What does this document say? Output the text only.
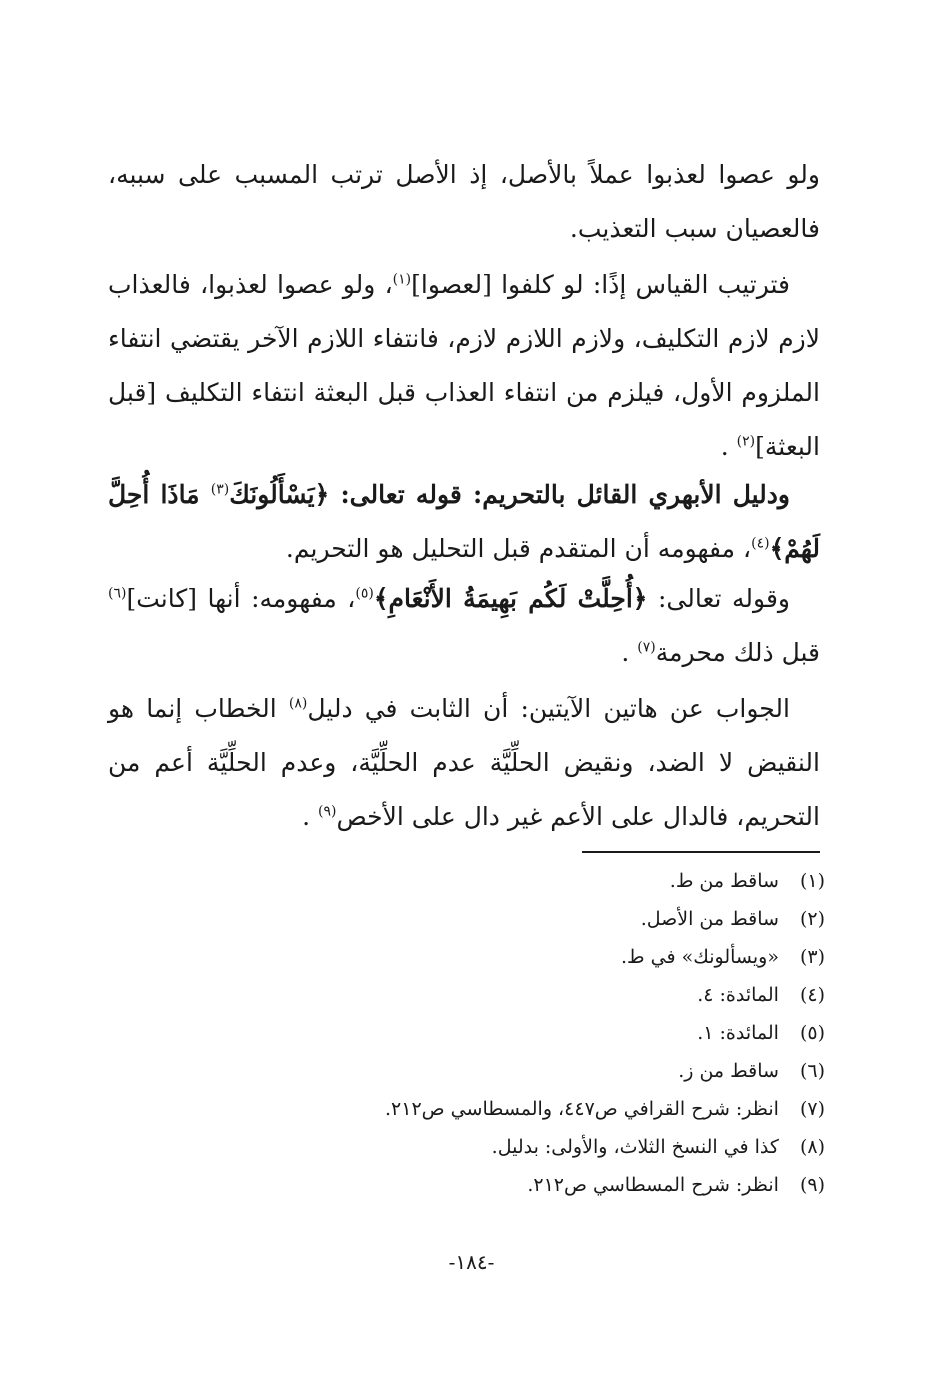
ولو عصوا لعذبوا عملاً بالأصل، إذ الأصل ترتب المسبب على سببه، فالعصيان سبب التعذيب.

فترتيب القياس إذًا: لو كلفوا [لعصوا]$^{(١)}$، ولو عصوا لعذبوا، فالعذاب لازم لازم التكليف، ولازم اللازم لازم، فانتفاء اللازم الآخر يقتضي انتفاء الملزوم الأول، فيلزم من انتفاء العذاب قبل البعثة انتفاء التكليف [قبل البعثة]$^{(٢)}$ .

ودليل الأبهري القائل بالتحريم: قوله تعالى: ﴿يَسْأَلُونَكَ$^{(٣)}$ مَاذَا أُحِلَّ لَهُمْ﴾$^{(٤)}$، مفهومه أن المتقدم قبل التحليل هو التحريم.

وقوله تعالى: ﴿أُحِلَّتْ لَكُم بَهِيمَةُ الأَنْعَامِ﴾$^{(٥)}$، مفهومه: أنها [كانت]$^{(٦)}$ قبل ذلك محرمة$^{(٧)}$ .

الجواب عن هاتين الآيتين: أن الثابت في دليل$^{(٨)}$ الخطاب إنما هو النقيض لا الضد، ونقيض الحلِّيَّة عدم الحلِّيَّة، وعدم الحلِّيَّة أعم من التحريم، فالدال على الأعم غير دال على الأخص$^{(٩)}$ .

(١) ساقط من ط.
(٢) ساقط من الأصل.
(٣) «ويسألونك» في ط.
(٤) المائدة: ٤.
(٥) المائدة: ١.
(٦) ساقط من ز.
(٧) انظر: شرح القرافي ص٤٤٧، والمسطاسي ص٢١٢.
(٨) كذا في النسخ الثلاث، والأولى: بدليل.
(٩) انظر: شرح المسطاسي ص٢١٢.
-١٨٤-
